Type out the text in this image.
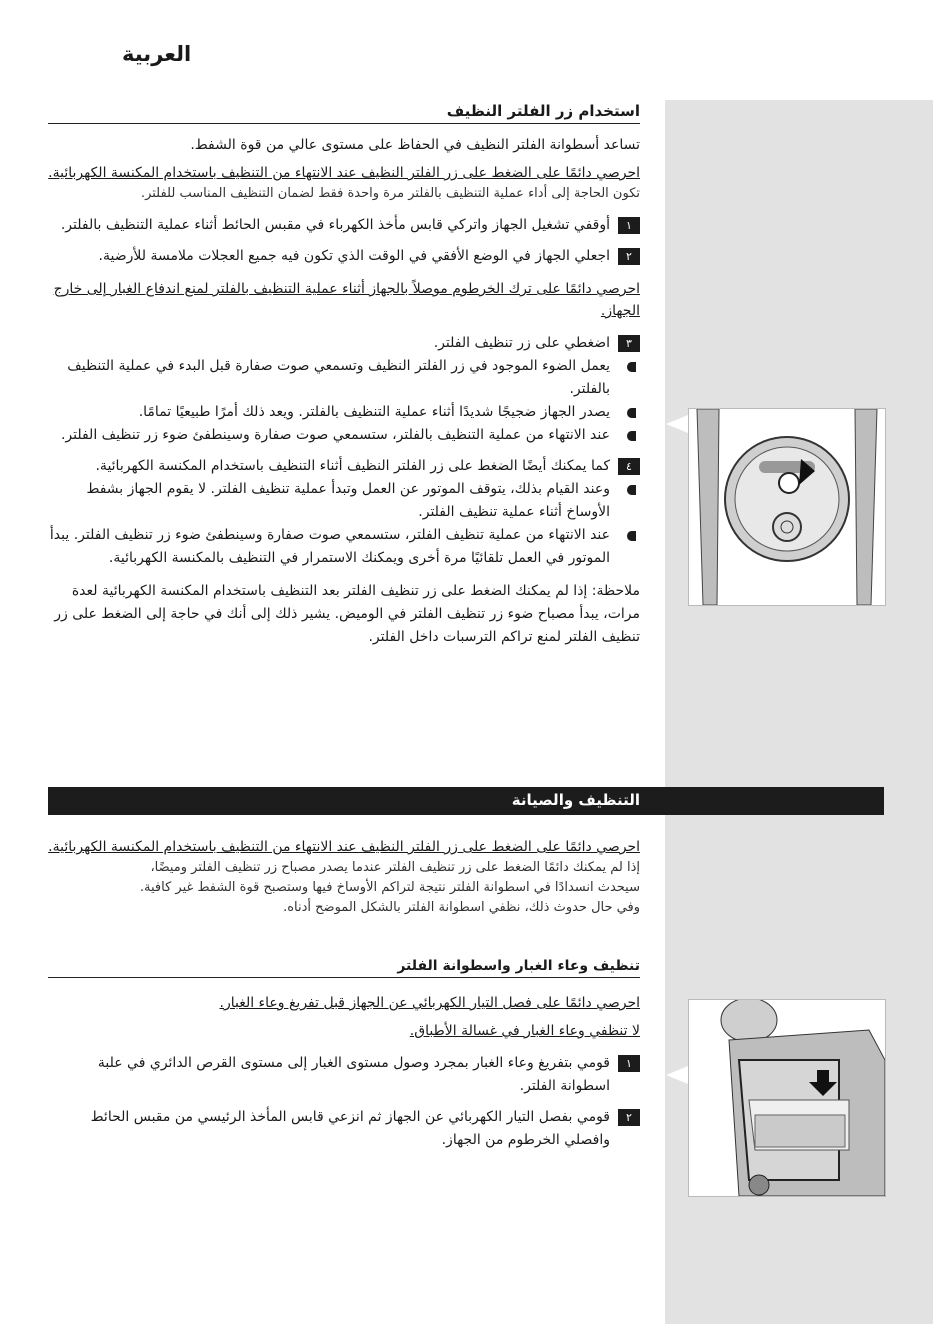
العربية
استخدام زر الفلتر النظيف

تساعد أسطوانة الفلتر النظيف في الحفاظ على مستوى عالي من قوة الشفط.

احرصي دائمًا على الضغط على زر الفلتر النظيف عند الانتهاء من التنظيف باستخدام المكنسة الكهربائية.

تكون الحاجة إلى أداء عملية التنظيف بالفلتر مرة واحدة فقط لضمان التنظيف المناسب للفلتر.

١
أوقفي تشغيل الجهاز واتركي قابس مأخذ الكهرباء في مقبس الحائط أثناء عملية التنظيف بالفلتر.
٢
اجعلي الجهاز في الوضع الأفقي في الوقت الذي تكون فيه جميع العجلات ملامسة للأرضية.

احرصي دائمًا على ترك الخرطوم موصلاً بالجهاز أثناء عملية التنظيف بالفلتر لمنع اندفاع الغبار إلى خارج الجهاز.

٣
اضغطي على زر تنظيف الفلتر.
يعمل الضوء الموجود في زر الفلتر النظيف وتسمعي صوت صفارة قبل البدء في عملية التنظيف بالفلتر.
يصدر الجهاز ضجيجًا شديدًا أثناء عملية التنظيف بالفلتر. ويعد ذلك أمرًا طبيعيًا تمامًا.
عند الانتهاء من عملية التنظيف بالفلتر، ستسمعي صوت صفارة وسينطفئ ضوء زر تنظيف الفلتر.
٤
كما يمكنك أيضًا الضغط على زر الفلتر النظيف أثناء التنظيف باستخدام المكنسة الكهربائية.
وعند القيام بذلك، يتوقف الموتور عن العمل وتبدأ عملية تنظيف الفلتر. لا يقوم الجهاز بشفط الأوساخ أثناء عملية تنظيف الفلتر.
عند الانتهاء من عملية تنظيف الفلتر، ستسمعي صوت صفارة وسينطفئ ضوء زر تنظيف الفلتر. يبدأ الموتور في العمل تلقائيًا مرة أخرى ويمكنك الاستمرار في التنظيف بالمكنسة الكهربائية.

ملاحظة: إذا لم يمكنك الضغط على زر تنظيف الفلتر بعد التنظيف باستخدام المكنسة الكهربائية لعدة مرات، يبدأ مصباح ضوء زر تنظيف الفلتر في الوميض. يشير ذلك إلى أنك في حاجة إلى الضغط على زر تنظيف الفلتر لمنع تراكم الترسبات داخل الفلتر.

التنظيف والصيانة

احرصي دائمًا على الضغط على زر الفلتر النظيف عند الانتهاء من التنظيف باستخدام المكنسة الكهربائية.

إذا لم يمكنك دائمًا الضغط على زر تنظيف الفلتر عندما يصدر مصباح زر تنظيف الفلتر وميضًا،

سيحدث انسدادًا في اسطوانة الفلتر نتيجة لتراكم الأوساخ فيها وستصبح قوة الشفط غير كافية.

وفي حال حدوث ذلك، نظفي اسطوانة الفلتر بالشكل الموضح أدناه.

تنظيف وعاء الغبار واسطوانة الفلتر

احرصي دائمًا على فصل التيار الكهربائي عن الجهاز قبل تفريغ وعاء الغبار.

لا تنظفي وعاء الغبار في غسالة الأطباق.

١
قومي بتفريغ وعاء الغبار بمجرد وصول مستوى الغبار إلى مستوى القرص الدائري في علبة اسطوانة الفلتر.
٢
قومي بفصل التيار الكهربائي عن الجهاز ثم انزعي قابس المأخذ الرئيسي من مقبس الحائط وافصلي الخرطوم من الجهاز.
